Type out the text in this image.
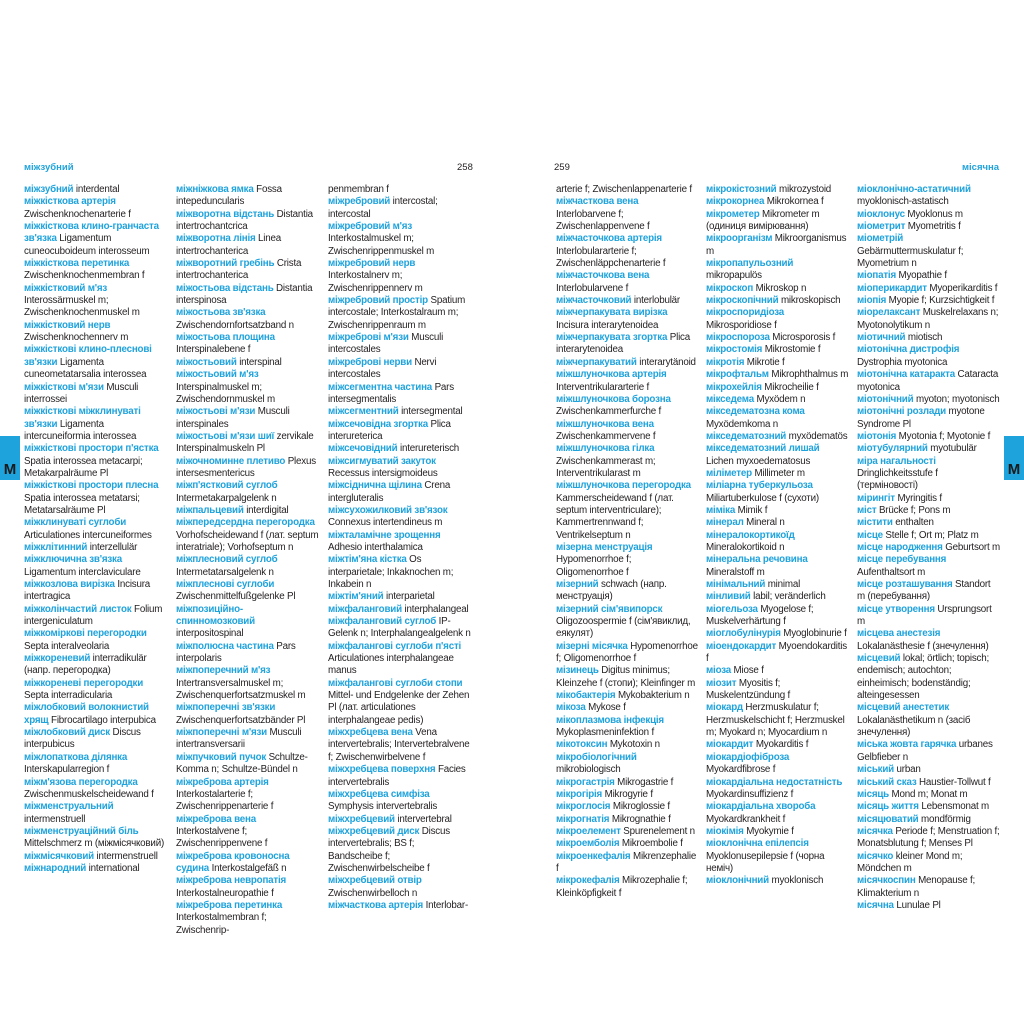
міжзубний	258

міжзубний interdental

міжкісткова артерія Zwischenknochenarterie f

міжкісткова клино-гранчаста зв'язка Ligamentum cuneocuboideum interosseum

міжкісткова перетинка Zwischenknochenmembran f

міжкістковий м'яз Interossärmuskel m; Zwischenknochenmuskel m

міжкістковий нерв Zwischenknochennerv m

міжкісткові клино-плеснові зв'язки Ligamenta cuneometatarsalia interossea

міжкісткові м'язи Musculi interrossei

міжкісткові міжклинуваті зв'язки Ligamenta intercuneiformia interossea

міжкісткові простори п'ястка Spatia interossea metacarpi; Metakarpalräume Pl

міжкісткові простори плесна Spatia interossea metatarsi; Metatarsalräume Pl

міжклинуваті суглоби Articulationes intercuneiformes

міжклітинний interzellulär

міжключична зв'язка Ligamentum interclaviculare

міжкозлова вирізка Incisura intertragica

міжколінчастий листок Folium intergeniculatum

міжкоміркові перегородки Septa interalveolaria

міжкореневий interradikulär (напр. перегородка)

міжкореневі перегородки Septa interradicularia

міжлобковий волокнистий хрящ Fibrocartilago interpubica

міжлобковий диск Discus interpubicus

міжлопаткова ділянка Interskapularregion f

міжм'язова перегородка Zwischenmuskelscheidewand f

міжменструальний intermenstruell

міжменструаційний біль Mittelschmerz m (міжмісячковий)

міжмісячковий intermenstruell

міжнародний international

міжніжкова ямка Fossa intepeduncularis

міжворотна відстань Distantia intertrochantcrica

міжворотна лінія Linea intertrochanterica

міжворотний гребінь Crista intertrochanterica

міжостьова відстань Distantia interspinosa

міжостьова зв'язка Zwischendornfortsatzband n

міжостьова площина Interspinalebene f

міжостьовий interspinal

міжостьовий м'яз Interspinalmuskel m; Zwischendornmuskel m

міжостьові м'язи Musculi interspinales

міжостьові м'язи шиї zervikale Interspinalmuskeln Pl

міжочноминне плетиво Plexus intersesmentericus

міжп'ястковий суглоб Intermetakarpalgelenk n

міжпальцевий interdigital

міжпередсердна перегородка Vorhofscheidewand f (лат. septum interatriale); Vorhofseptum n

міжплесновий суглоб Intermetatarsalgelenk n

міжплеснові суглоби Zwischenmittelfußgelenke Pl

міжпозиційно-спинномозковий interpositospinal

міжполюсна частина Pars interpolaris

міжпоперечний м'яз Intertransversalmuskel m; Zwischenquerfortsatzmuskel m

міжпоперечні зв'язки Zwischenquerfortsatzbänder Pl

міжпоперечні м'язи Musculi intertransversarii

міжпучковий пучок Schultze-Komma n; Schultze-Bündel n

міжреброва артерія Interkostalarterie f; Zwischenrippenarterie f

міжреброва вена Interkostalvene f; Zwischenrippenvene f

міжреброва кровоносна судина Interkostalgefäß n

міжреброва невропатія Interkostalneuropathie f

міжреброва перетинка Interkostalmembran f; Zwischenrip-

penmembran f

міжребровий intercostal; intercostal

міжребровий м'яз Interkostalmuskel m; Zwischenrippenmuskel m

міжребровий нерв Interkostalnerv m; Zwischenrippennerv m

міжребровий простір Spatium intercostale; Interkostalraum m; Zwischenrippenraum m

міжреброві м'язи Musculi intercostales

міжреброві нерви Nervi intercostales

міжсегментна частина Pars intersegmentalis

міжсегментний intersegmental

міжсечовідна згортка Plica interureterica

міжсечовідний interureterisch

міжсигмуватий закуток Recessus intersigmoideus

міжсіднична щілина Crena intergluteralis

міжсухожилковий зв'язок Connexus intertendineus m

міжталамічне зрощення Adhesio interthalamica

міжтім'яна кістка Os interparietale; Inkaknochen m; Inkabein n

міжтім'яний interparietal

міжфаланговий interphalangeal

міжфаланговий суглоб IP-Gelenk n; Interphalangealgelenk n

міжфалангові суглоби п'ясті Articulationes interphalangeae manus

міжфалангові суглоби стопи Mittel- und Endgelenke der Zehen Pl (лат. articulationes interphalangeae pedis)

міжхребцева вена Vena intervertebralis; Intervertebralvene f; Zwischenwirbelvene f

міжхребцева поверхня Facies intervertebralis

міжхребцева симфіза Symphysis intervertebralis

міжхребцевий intervertebral

міжхребцевий диск Discus intervertebralis; BS f; Bandscheibe f; Zwischenwirbelscheibe f

міжхребцевий отвір Zwischenwirbelloch n

міжчасткова артерія Interlobar-

М
259	місячна

arterie f; Zwischenlappenarterie f

міжчасткова вена Interlobarvene f; Zwischenlappenvene f

міжчасточкова артерія Interlobulararterie f; Zwischenläppchenarterie f

міжчасточкова вена Interlobularvene f

міжчасточковий interlobulär

міжчерпакувата вирізка Incisura interarytenoidea

міжчерпакувата згортка Plica interarytenoidea

міжчерпакуватий interarytänoid

міжшлуночкова артерія Interventrikulararterie f

міжшлуночкова борозна Zwischenkammerfurche f

міжшлуночкова вена Zwischenkammervene f

міжшлуночкова гілка Zwischenkammerast m; Interventrikularast m

міжшлуночкова перегородка Kammerscheidewand f (лат. septum interventriculare); Kammertrennwand f; Ventrikelseptum n

мізерна менструація Hypomenorrhoe f; Oligomenorrhoe f

мізерний schwach (напр. менструація)

мізерний сім'явипорск Oligozoospermie f (сім'явиклид, еякулят)

мізерні місячка Hypomenorrhoe f; Oligomenorrhoe f

мізинець Digitus minimus; Kleinzehe f (стопи); Kleinfinger m

мікобактерія Mykobakterium n

мікоза Mykose f

мікоплазмова інфекція Mykoplasmeninfektion f

мікотоксин Mykotoxin n

мікробіологічний mikrobiologisch

мікрогастрія Mikrogastrie f

мікрогірія Mikrogyrie f

мікроглосія Mikroglossie f

мікрогнатія Mikrognathie f

мікроелемент Spurenelement n

мікроемболія Mikroembolie f

мікроенкефалія Mikrenzephalie f

мікрокефалія Mikrozephalie f; Kleinköpfigkeit f

мікрокістозний mikrozystoid

мікрокорнеа Mikrokornea f

мікрометер Mikrometer m (одиниця вимірювання)

мікроорганізм Mikroorganismus m

мікропапульозний mikropapulös

мікроскоп Mikroskop n

мікроскопічний mikroskopisch

мікроспоридіоза Mikrosporidiose f

мікроспороза Microsporosis f

мікростомія Mikrostomie f

мікротія Mikrotie f

мікрофтальм Mikrophthalmus m

мікрохейлія Mikrocheilie f

мікседема Myxödem n

мікседематозна кома Myxödemkoma n

мікседематозний myxödematös

мікседематозний лишай Lichen myxoedematosus

міліметер Millimeter m

міліарна туберкульоза Miliartuberkulose f (сухоти)

міміка Mimik f

мінерал Mineral n

мінералокортикоїд Mineralokortikoid n

мінеральна речовина Mineralstoff m

мінімальний minimal

мінливий labil; veränderlich

міогельоза Myogelose f; Muskelverhärtung f

міоглобулінурія Myoglobinurie f

міоендокардит Myoendokarditis f

міоза Miose f

міозит Myositis f; Muskelentzündung f

міокард Herzmuskulatur f; Herzmuskelschicht f; Herzmuskel m; Myokard n; Myocardium n

міокардит Myokarditis f

міокардіофіброза Myokardfibrose f

міокардіальна недостатність Myokardinsuffizienz f

міокардіальна хвороба Myokardkrankheit f

міокімія Myokymie f

міоклонічна епілепсія Myoklonusepilepsie f (чорна неміч)

міоклонічний myoklonisch

міоклонічно-астатичний myoklonisch-astatisch

міоклонус Myoklonus m

міометрит Myometritis f

міометрій Gebärmuttermuskulatur f; Myometrium n

міопатія Myopathie f

міоперикардит Myoperikarditis f

міопія Myopie f; Kurzsichtigkeit f

міорелаксант Muskelrelaxans n; Myotonolytikum n

міотичний miotisch

міотонічна дистрофія Dystrophia myotonica

міотонічна катаракта Cataracta myotonica

міотонічний myoton; myotonisch

міотонічні розлади myotone Syndrome Pl

міотонія Myotonia f; Myotonie f

міотубулярний myotubulär

міра нагальності Dringlichkeitsstufe f (терміновості)

мірингіт Myringitis f

міст Brücke f; Pons m

містити enthalten

місце Stelle f; Ort m; Platz m

місце народження Geburtsort m

місце перебування Aufenthaltsort m

місце розташування Standort m (перебування)

місце утворення Ursprungsort m

місцева анестезія Lokalanästhesie f (знечулення)

місцевий lokal; örtlich; topisch; endemisch; autochton; einheimisch; bodenständig; alteingesessen

місцевий анестетик Lokalanästhetikum n (засіб знечулення)

міська жовта гарячка urbanes Gelbfieber n

міський urban

міський сказ Haustier-Tollwut f

місяць Mond m; Monat m

місяць життя Lebensmonat m

місяцюватий mondförmig

місячка Periode f; Menstruation f; Monatsblutung f; Menses Pl

місячко kleiner Mond m; Möndchen m

місячкоспин Menopause f; Klimakterium n

місячна Lunulae Pl

М
